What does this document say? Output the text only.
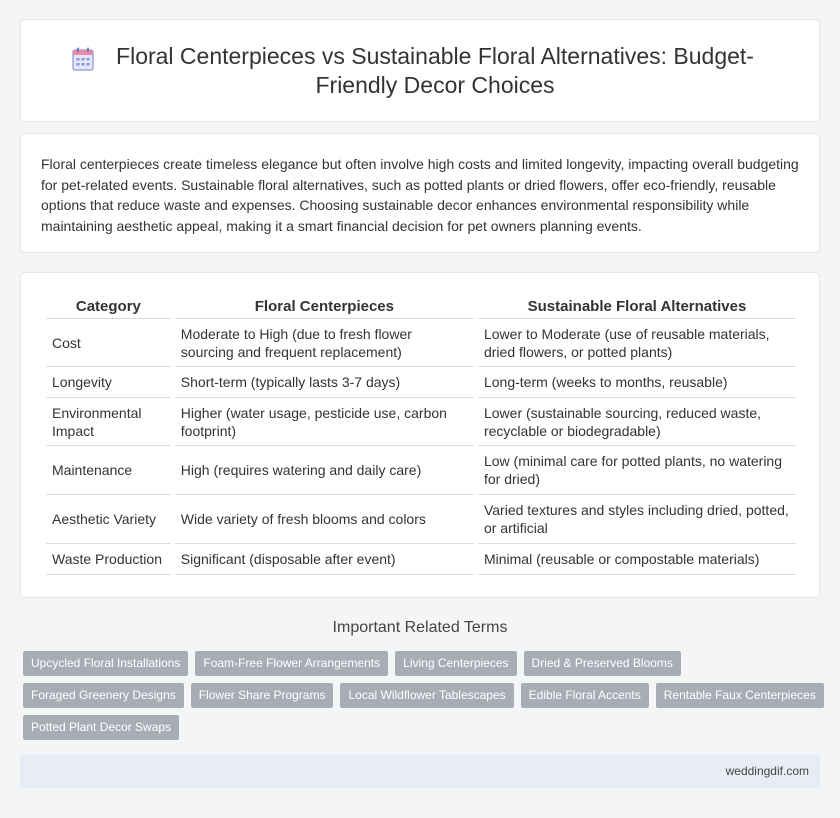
Floral Centerpieces vs Sustainable Floral Alternatives: Budget-Friendly Decor Choices

Floral centerpieces create timeless elegance but often involve high costs and limited longevity, impacting overall budgeting for pet-related events. Sustainable floral alternatives, such as potted plants or dried flowers, offer eco-friendly, reusable options that reduce waste and expenses. Choosing sustainable decor enhances environmental responsibility while maintaining aesthetic appeal, making it a smart financial decision for pet owners planning events.

Category	Floral Centerpieces	Sustainable Floral Alternatives
Cost	Moderate to High (due to fresh flower sourcing and frequent replacement)	Lower to Moderate (use of reusable materials, dried flowers, or potted plants)
Longevity	Short-term (typically lasts 3-7 days)	Long-term (weeks to months, reusable)
Environmental Impact	Higher (water usage, pesticide use, carbon footprint)	Lower (sustainable sourcing, reduced waste, recyclable or biodegradable)
Maintenance	High (requires watering and daily care)	Low (minimal care for potted plants, no watering for dried)
Aesthetic Variety	Wide variety of fresh blooms and colors	Varied textures and styles including dried, potted, or artificial
Waste Production	Significant (disposable after event)	Minimal (reusable or compostable materials)
Important Related Terms
Upcycled Floral Installations	Foam-Free Flower Arrangements	Living Centerpieces	Dried & Preserved Blooms
Foraged Greenery Designs	Flower Share Programs	Local Wildflower Tablescapes	Edible Floral Accents	Rentable Faux Centerpieces
Potted Plant Decor Swaps
weddingdif.com
